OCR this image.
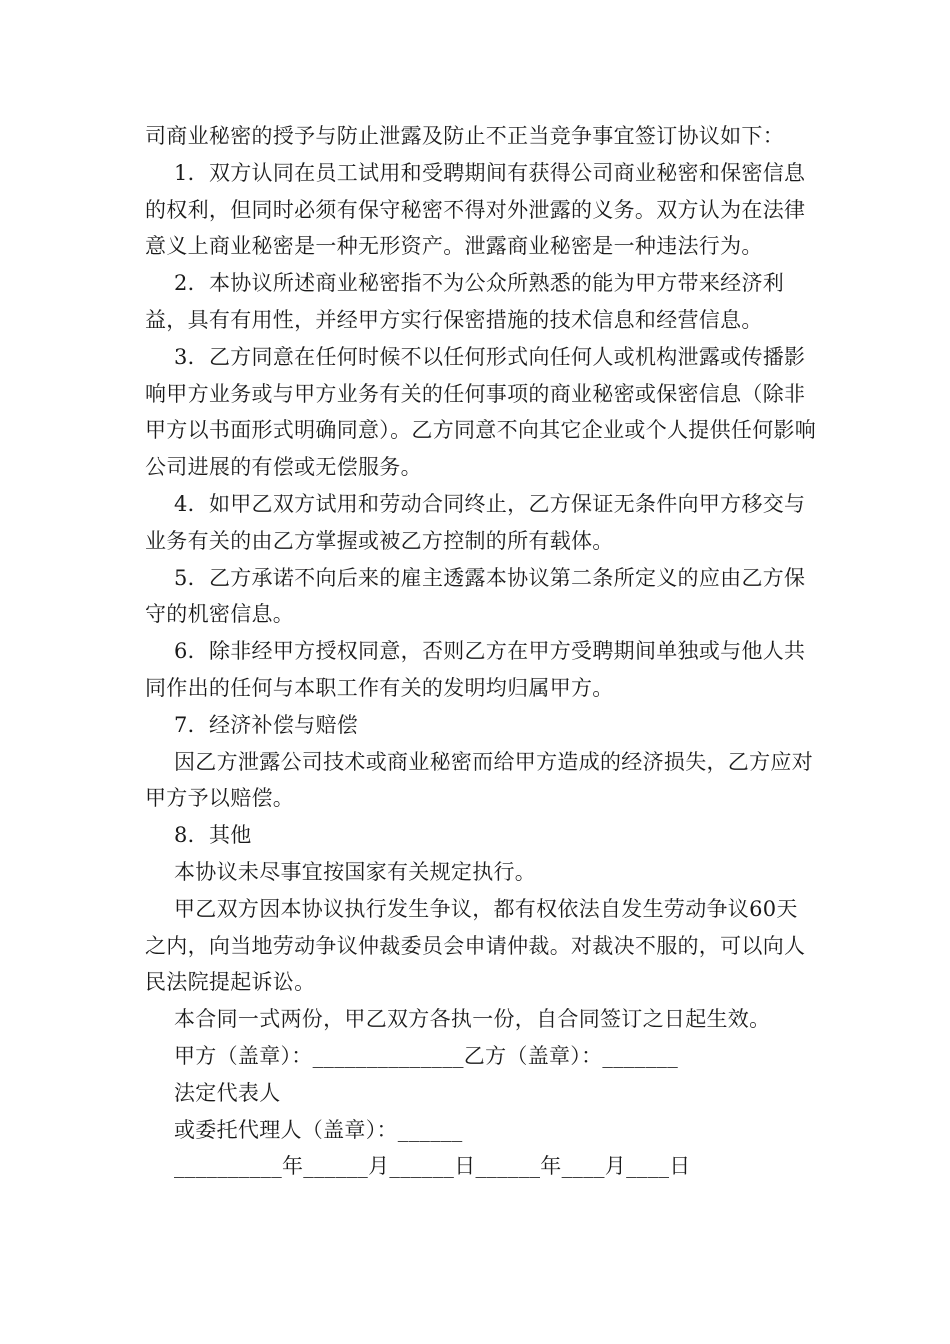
司商业秘密的授予与防止泄露及防止不正当竞争事宜签订协议如下：

1．双方认同在员工试用和受聘期间有获得公司商业秘密和保密信息的权利，但同时必须有保守秘密不得对外泄露的义务。双方认为在法律意义上商业秘密是一种无形资产。泄露商业秘密是一种违法行为。

2．本协议所述商业秘密指不为公众所熟悉的能为甲方带来经济利益，具有有用性，并经甲方实行保密措施的技术信息和经营信息。

3．乙方同意在任何时候不以任何形式向任何人或机构泄露或传播影响甲方业务或与甲方业务有关的任何事项的商业秘密或保密信息（除非甲方以书面形式明确同意）。乙方同意不向其它企业或个人提供任何影响公司进展的有偿或无偿服务。

4．如甲乙双方试用和劳动合同终止，乙方保证无条件向甲方移交与业务有关的由乙方掌握或被乙方控制的所有载体。

5．乙方承诺不向后来的雇主透露本协议第二条所定义的应由乙方保守的机密信息。

6．除非经甲方授权同意，否则乙方在甲方受聘期间单独或与他人共同作出的任何与本职工作有关的发明均归属甲方。

7．经济补偿与赔偿

因乙方泄露公司技术或商业秘密而给甲方造成的经济损失，乙方应对甲方予以赔偿。

8．其他

本协议未尽事宜按国家有关规定执行。

甲乙双方因本协议执行发生争议，都有权依法自发生劳动争议60天之内，向当地劳动争议仲裁委员会申请仲裁。对裁决不服的，可以向人民法院提起诉讼。

本合同一式两份，甲乙双方各执一份，自合同签订之日起生效。

甲方（盖章）：______________乙方（盖章）：_______

法定代表人

或委托代理人（盖章）：______

__________年______月______日______年____月____日
